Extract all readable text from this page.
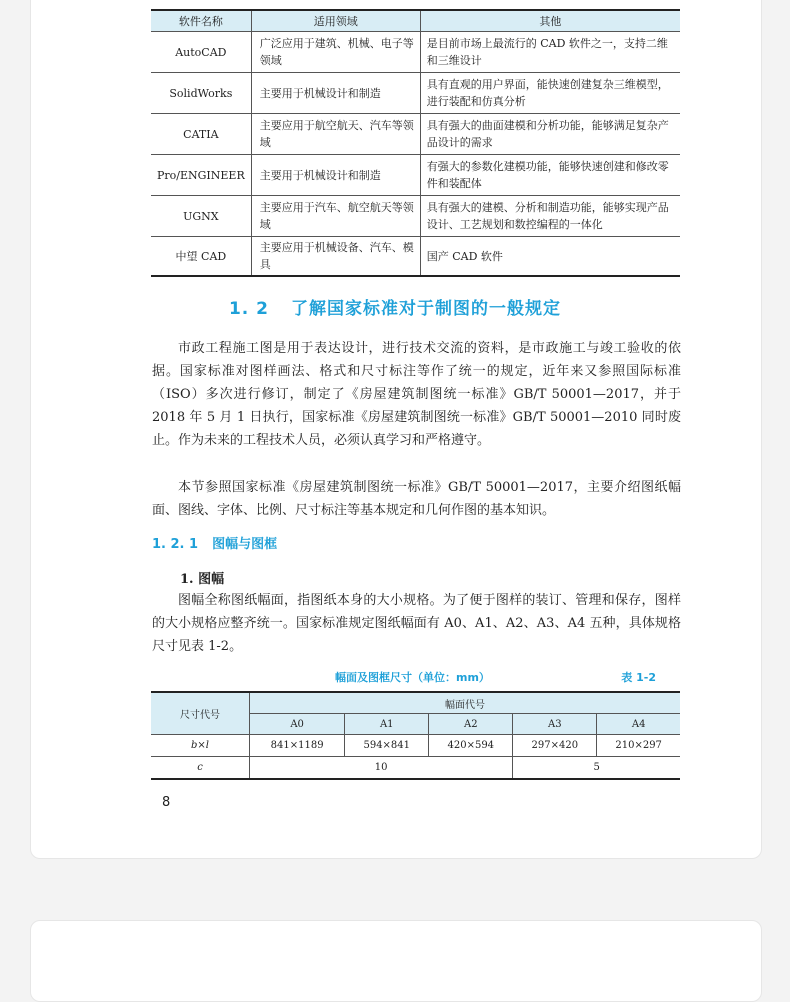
软件名称	适用领域	其他
AutoCAD	广泛应用于建筑、机械、电子等领域	是目前市场上最流行的 CAD 软件之一，支持二维和三维设计
SolidWorks	主要用于机械设计和制造	具有直观的用户界面，能快速创建复杂三维模型，进行装配和仿真分析
CATIA	主要应用于航空航天、汽车等领域	具有强大的曲面建模和分析功能，能够满足复杂产品设计的需求
Pro/ENGINEER	主要用于机械设计和制造	有强大的参数化建模功能，能够快速创建和修改零件和装配体
UGNX	主要应用于汽车、航空航天等领域	具有强大的建模、分析和制造功能，能够实现产品设计、工艺规划和数控编程的一体化
中望 CAD	主要应用于机械设备、汽车、模具	国产 CAD 软件
1. 2 了解国家标准对于制图的一般规定

市政工程施工图是用于表达设计，进行技术交流的资料，是市政施工与竣工验收的依据。国家标准对图样画法、格式和尺寸标注等作了统一的规定，近年来又参照国际标准（ISO）多次进行修订，制定了《房屋建筑制图统一标准》GB/T 50001—2017，并于 2018 年 5 月 1 日执行，国家标准《房屋建筑制图统一标准》GB/T 50001—2010 同时废止。作为未来的工程技术人员，必须认真学习和严格遵守。

本节参照国家标准《房屋建筑制图统一标准》GB/T 50001—2017，主要介绍图纸幅面、图线、字体、比例、尺寸标注等基本规定和几何作图的基本知识。

1. 2. 1 图幅与图框
1. 图幅

图幅全称图纸幅面，指图纸本身的大小规格。为了便于图样的装订、管理和保存，图样的大小规格应整齐统一。国家标准规定图纸幅面有 A0、A1、A2、A3、A4 五种，具体规格尺寸见表 1-2。

幅面及图框尺寸（单位：mm）	表 1-2
尺寸代号	幅面代号				
	A0	A1	A2	A3	A4
b×l	841×1189	594×841	420×594	297×420	210×297
c	10			5	
8
